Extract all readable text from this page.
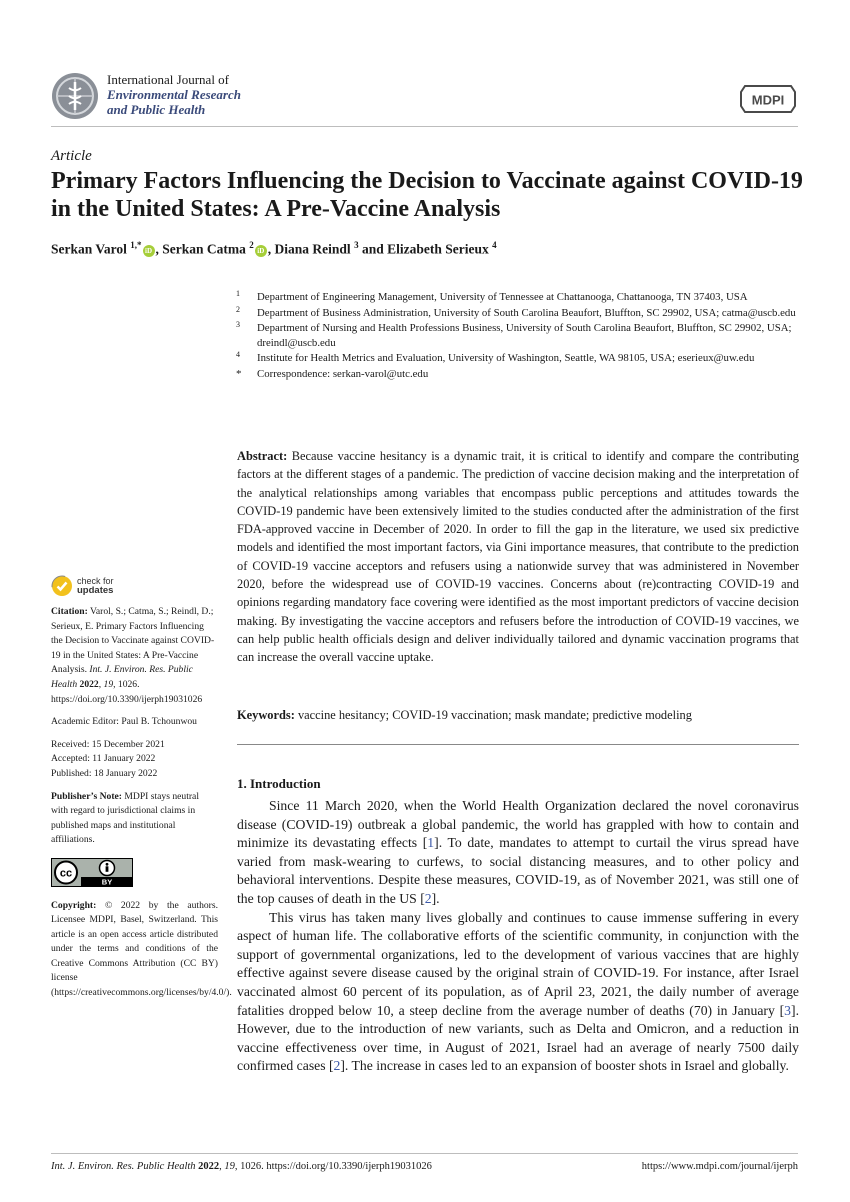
International Journal of
Environmental Research
and Public Health
MDPI
Article
Primary Factors Influencing the Decision to Vaccinate against COVID-19 in the United States: A Pre-Vaccine Analysis
Serkan Varol $^{1,*}$iD , Serkan Catma $^2$iD , Diana Reindl $^3$ and Elizabeth Serieux $^4$
1 Department of Engineering Management, University of Tennessee at Chattanooga, Chattanooga, TN 37403, USA
2 Department of Business Administration, University of South Carolina Beaufort, Bluffton, SC 29902, USA; catma@uscb.edu
3 Department of Nursing and Health Professions Business, University of South Carolina Beaufort, Bluffton, SC 29902, USA; dreindl@uscb.edu
4 Institute for Health Metrics and Evaluation, University of Washington, Seattle, WA 98105, USA; eserieux@uw.edu
* Correspondence: serkan-varol@utc.edu
Abstract: Because vaccine hesitancy is a dynamic trait, it is critical to identify and compare the contributing factors at the different stages of a pandemic. The prediction of vaccine decision making and the interpretation of the analytical relationships among variables that encompass public perceptions and attitudes towards the COVID-19 pandemic have been extensively limited to the studies conducted after the administration of the first FDA-approved vaccine in December of 2020. In order to fill the gap in the literature, we used six predictive models and identified the most important factors, via Gini importance measures, that contribute to the prediction of COVID-19 vaccine acceptors and refusers using a nationwide survey that was administered in November 2020, before the widespread use of COVID-19 vaccines. Concerns about (re)contracting COVID-19 and opinions regarding mandatory face covering were identified as the most important predictors of vaccine decision making. By investigating the vaccine acceptors and refusers before the introduction of COVID-19 vaccines, we can help public health officials design and deliver individually tailored and dynamic vaccination programs that can increase the overall vaccine uptake.
Keywords: vaccine hesitancy; COVID-19 vaccination; mask mandate; predictive modeling
1. Introduction

Since 11 March 2020, when the World Health Organization declared the novel coronavirus disease (COVID-19) outbreak a global pandemic, the world has grappled with how to contain and minimize its devastating effects [1]. To date, mandates to attempt to curtail the virus spread have varied from mask-wearing to curfews, to social distancing measures, and to other policy and behavioral interventions. Despite these measures, COVID-19, as of November 2021, was still one of the top causes of death in the US [2].

This virus has taken many lives globally and continues to cause immense suffering in every aspect of human life. The collaborative efforts of the scientific community, in conjunction with the support of governmental organizations, led to the development of various vaccines that are highly effective against severe disease caused by the original strain of COVID-19. For instance, after Israel vaccinated almost 60 percent of its population, as of April 23, 2021, the daily number of average fatalities dropped below 10, a steep decline from the average number of deaths (70) in January [3]. However, due to the introduction of new variants, such as Delta and Omicron, and a reduction in vaccine effectiveness over time, in August of 2021, Israel had an average of nearly 7500 daily confirmed cases [2]. The increase in cases led to an expansion of booster shots in Israel and globally.

check for
updates

Citation: Varol, S.; Catma, S.; Reindl, D.; Serieux, E. Primary Factors Influencing the Decision to Vaccinate against COVID-19 in the United States: A Pre-Vaccine Analysis. Int. J. Environ. Res. Public Health 2022, 19, 1026. https://doi.org/10.3390/ijerph19031026

Academic Editor: Paul B. Tchounwou

Received: 15 December 2021
Accepted: 11 January 2022

Published: 18 January 2022

Publisher’s Note: MDPI stays neutral with regard to jurisdictional claims in published maps and institutional affiliations.

cc
BY

Copyright: © 2022 by the authors. Licensee MDPI, Basel, Switzerland. This article is an open access article distributed under the terms and conditions of the Creative Commons Attribution (CC BY) license (https://creativecommons.org/licenses/by/4.0/).

Int. J. Environ. Res. Public Health 2022, 19, 1026. https://doi.org/10.3390/ijerph19031026	https://www.mdpi.com/journal/ijerph
